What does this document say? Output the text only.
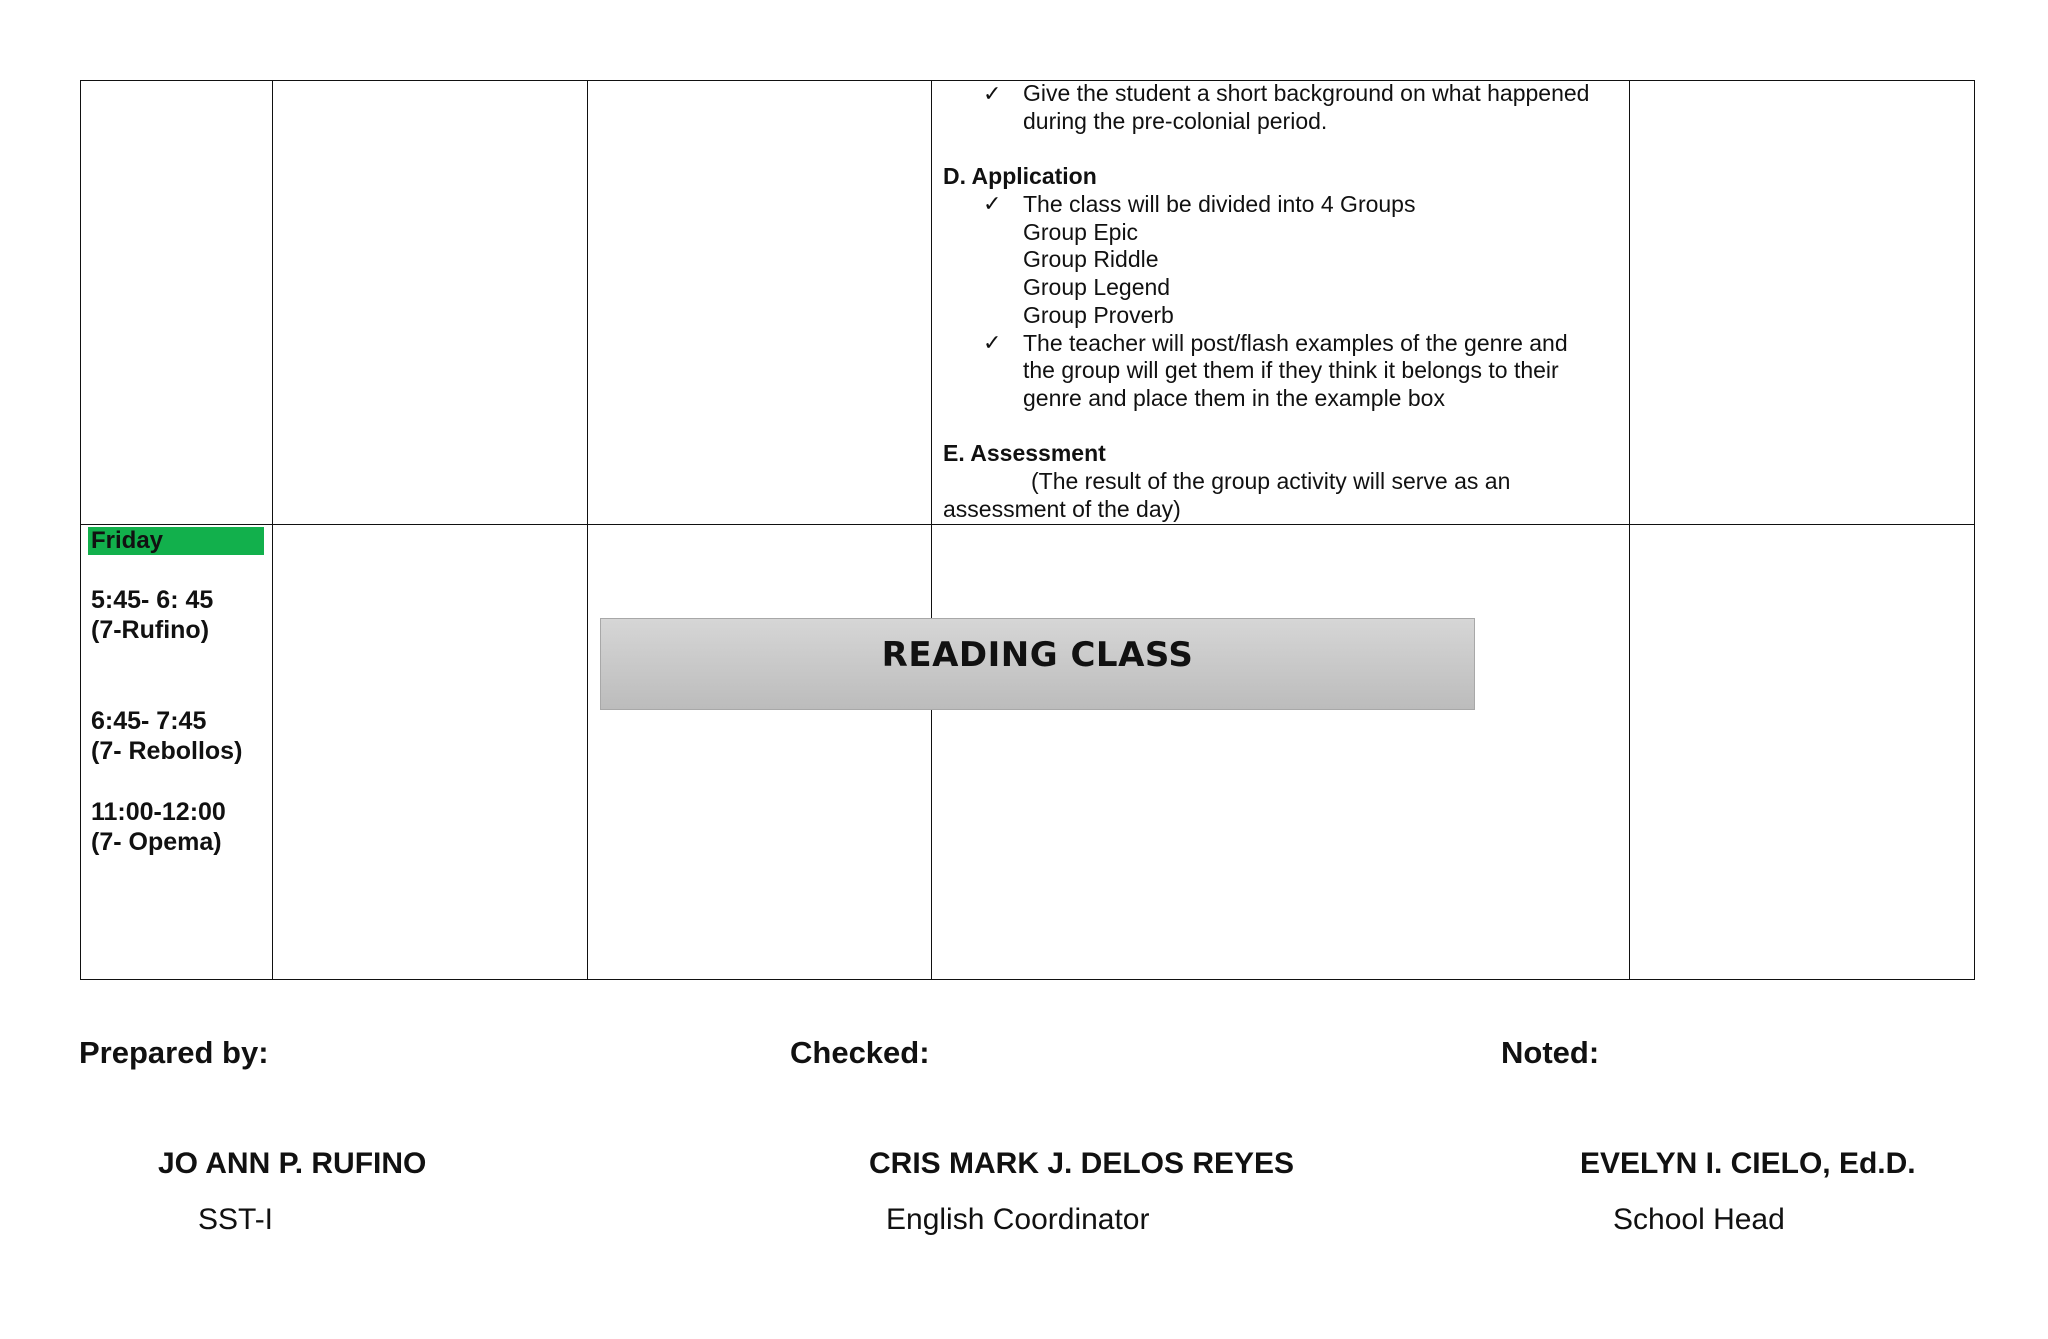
✓ Give the student a short background on what happened
during the pre-colonial period.
D. Application
✓ The class will be divided into 4 Groups
Group Epic
Group Riddle
Group Legend
Group Proverb
✓ The teacher will post/flash examples of the genre and
the group will get them if they think it belongs to their
genre and place them in the example box
E. Assessment
(The result of the group activity will serve as an
assessment of the day)
Friday
5:45- 6: 45
(7-Rufino)
6:45- 7:45
(7- Rebollos)
11:00-12:00
(7- Opema)
READING CLASS
Prepared by:	Checked:	Noted:
JO ANN P. RUFINO	CRIS MARK J. DELOS REYES	EVELYN I. CIELO, Ed.D.
SST-I	English Coordinator	School Head
